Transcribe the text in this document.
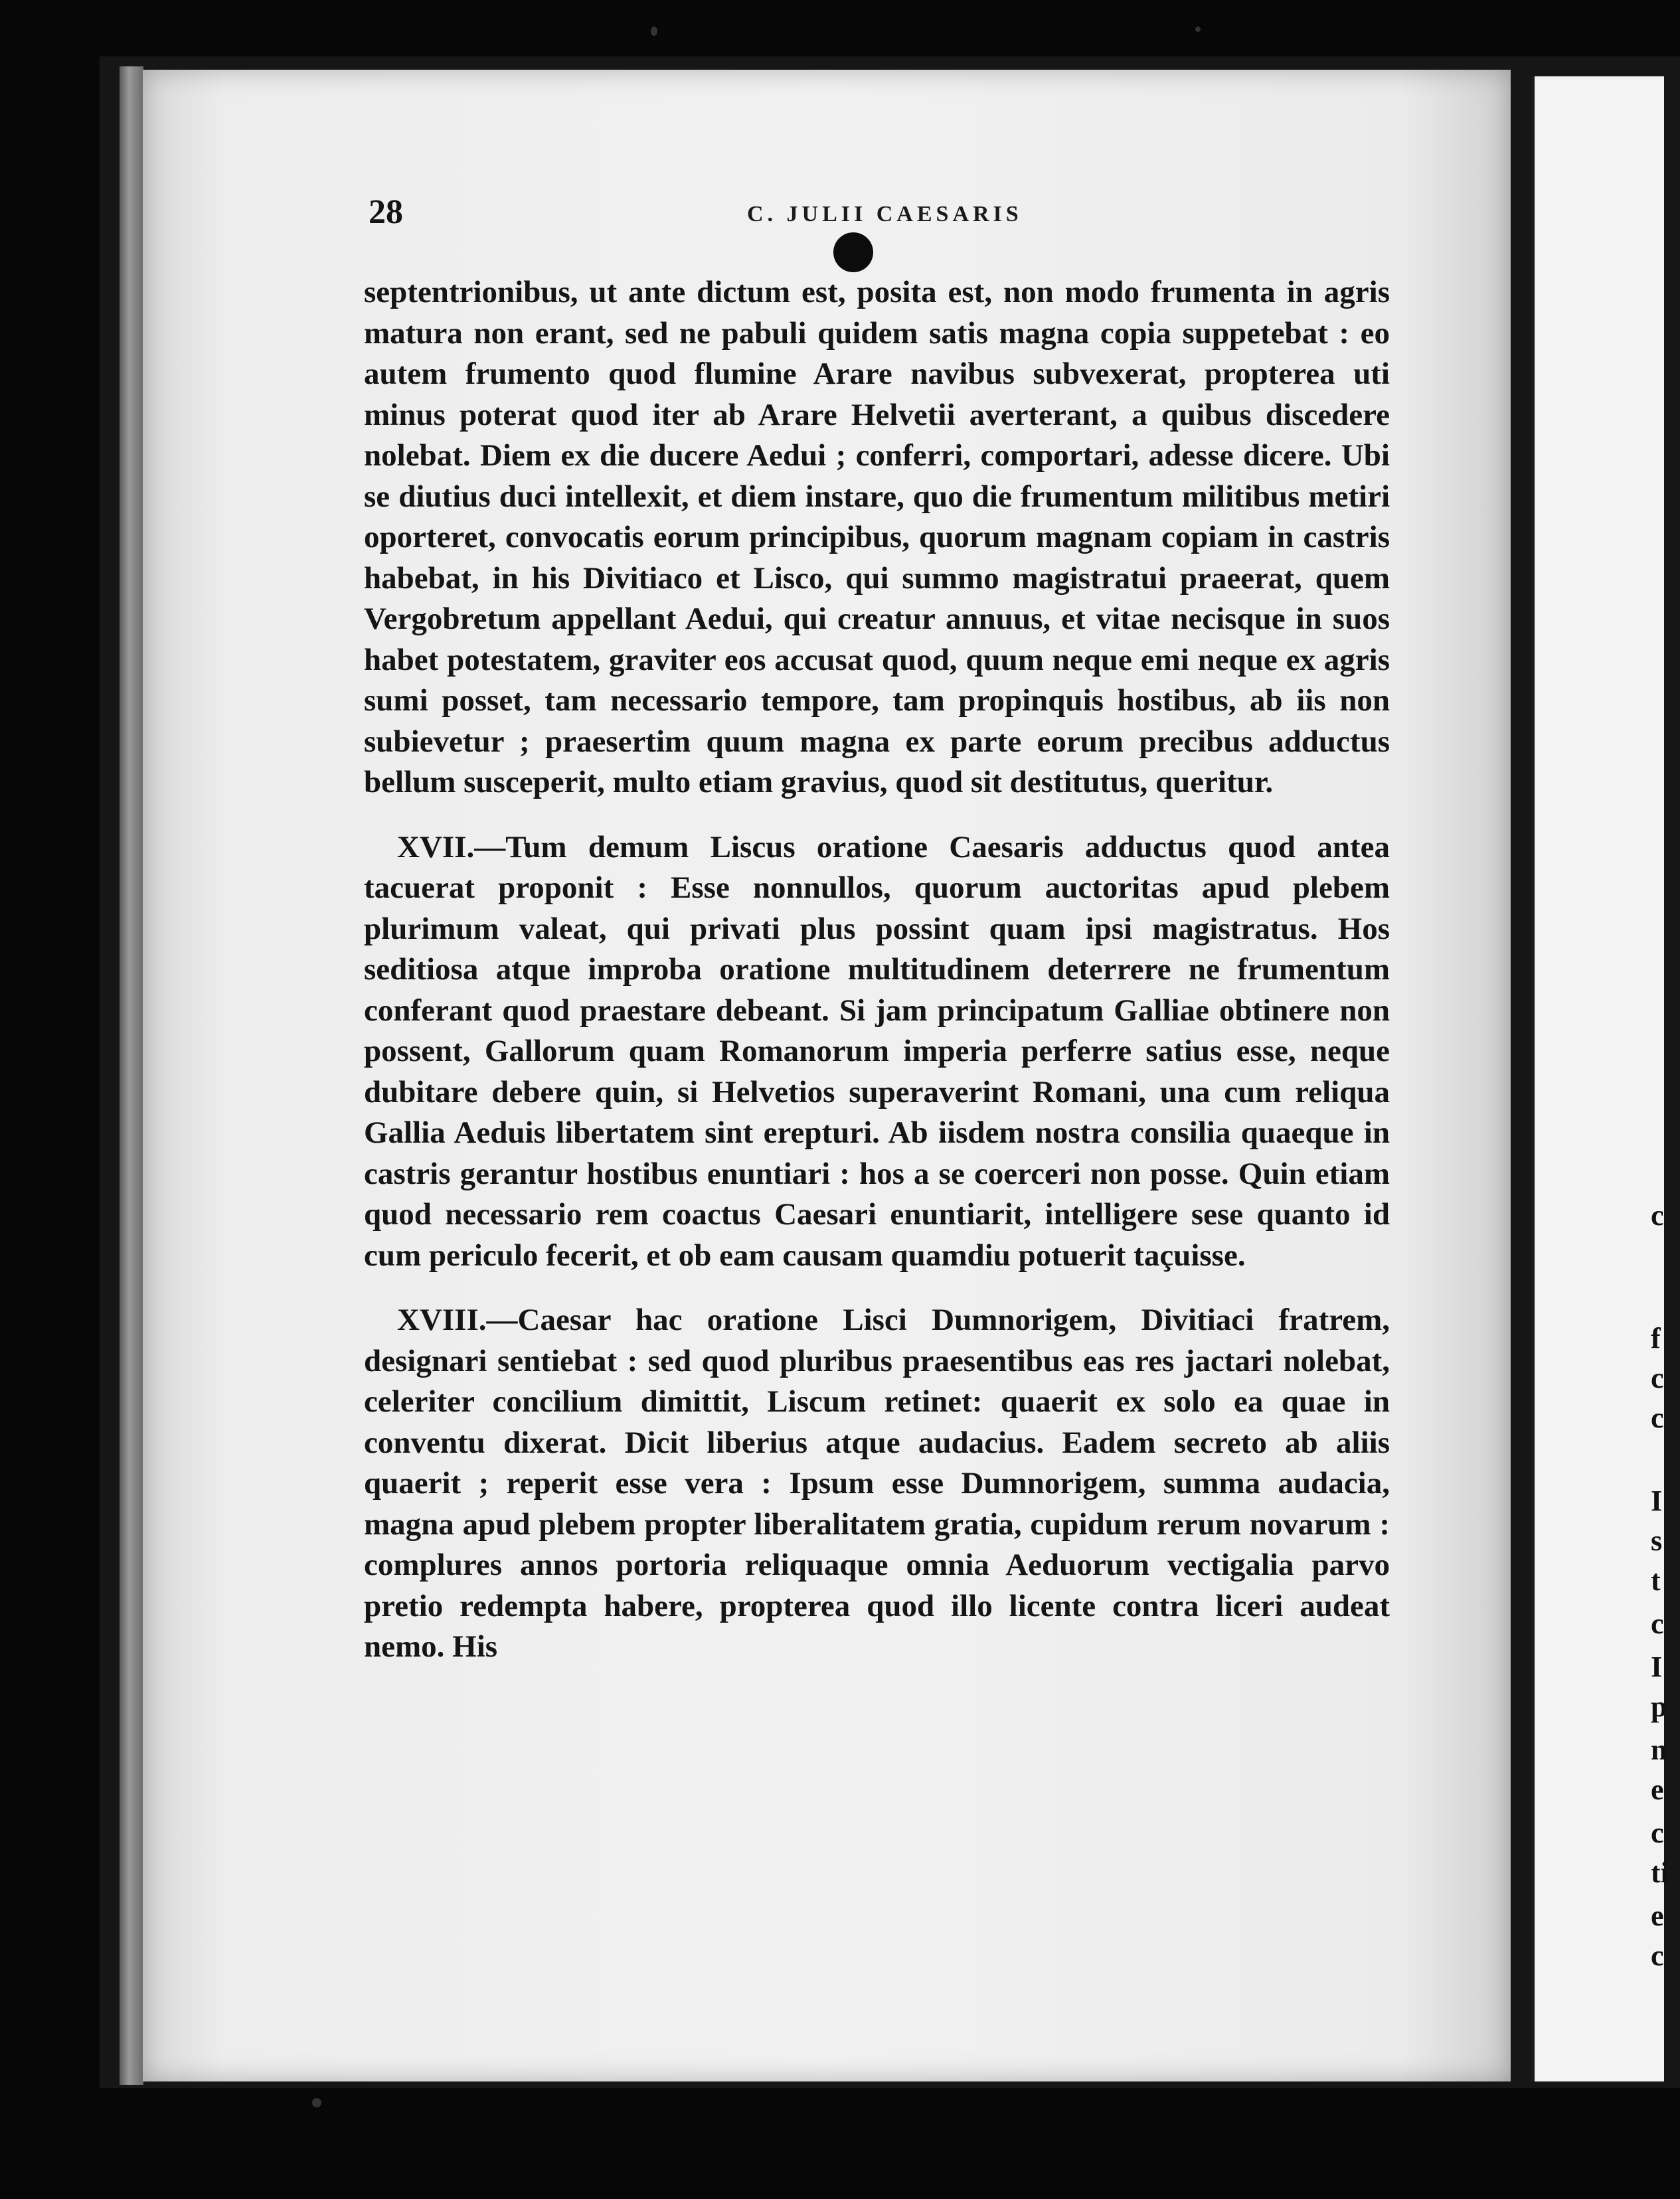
c
f
c
c
I
s
t
c
I
p
n
e
c
ti
e
c
28	C. JULII CAESARIS

septentrionibus, ut ante dictum est, posita est, non modo frumenta in agris matura non erant, sed ne pabuli quidem satis magna copia suppetebat : eo autem frumento quod flumine Arare navibus subvexerat, propterea uti minus poterat quod iter ab Arare Helvetii averterant, a quibus discedere nolebat. Diem ex die ducere Aedui ; conferri, comportari, adesse dicere. Ubi se diutius duci intellexit, et diem instare, quo die frumentum militibus metiri oporteret, convocatis eorum principibus, quorum magnam copiam in castris habebat, in his Divitiaco et Lisco, qui summo magistratui praeerat, quem Vergobretum appellant Aedui, qui creatur annuus, et vitae necisque in suos habet potestatem, graviter eos accusat quod, quum neque emi neque ex agris sumi posset, tam necessario tempore, tam propinquis hostibus, ab iis non subievetur ; praesertim quum magna ex parte eorum precibus adductus bellum susceperit, multo etiam gravius, quod sit destitutus, queritur.

XVII.—Tum demum Liscus oratione Caesaris adductus quod antea tacuerat proponit : Esse nonnullos, quorum auctoritas apud plebem plurimum valeat, qui privati plus possint quam ipsi magistratus. Hos seditiosa atque improba oratione multitudinem deterrere ne frumentum conferant quod praestare debeant. Si jam principatum Galliae obtinere non possent, Gallorum quam Romanorum imperia perferre satius esse, neque dubitare debere quin, si Helvetios superaverint Romani, una cum reliqua Gallia Aeduis libertatem sint erepturi. Ab iisdem nostra consilia quaeque in castris gerantur hostibus enuntiari : hos a se coerceri non posse. Quin etiam quod necessario rem coactus Caesari enuntiarit, intelligere sese quanto id cum periculo fecerit, et ob eam causam quamdiu potuerit taçuisse.

XVIII.—Caesar hac oratione Lisci Dumnorigem, Divitiaci fratrem, designari sentiebat : sed quod pluribus praesentibus eas res jactari nolebat, celeriter concilium dimittit, Liscum retinet: quaerit ex solo ea quae in conventu dixerat. Dicit liberius atque audacius. Eadem secreto ab aliis quaerit ; reperit esse vera : Ipsum esse Dumnorigem, summa audacia, magna apud plebem propter liberalitatem gratia, cupidum rerum novarum : complures annos portoria reliquaque omnia Aeduorum vectigalia parvo pretio redempta habere, propterea quod illo licente contra liceri audeat nemo. His
